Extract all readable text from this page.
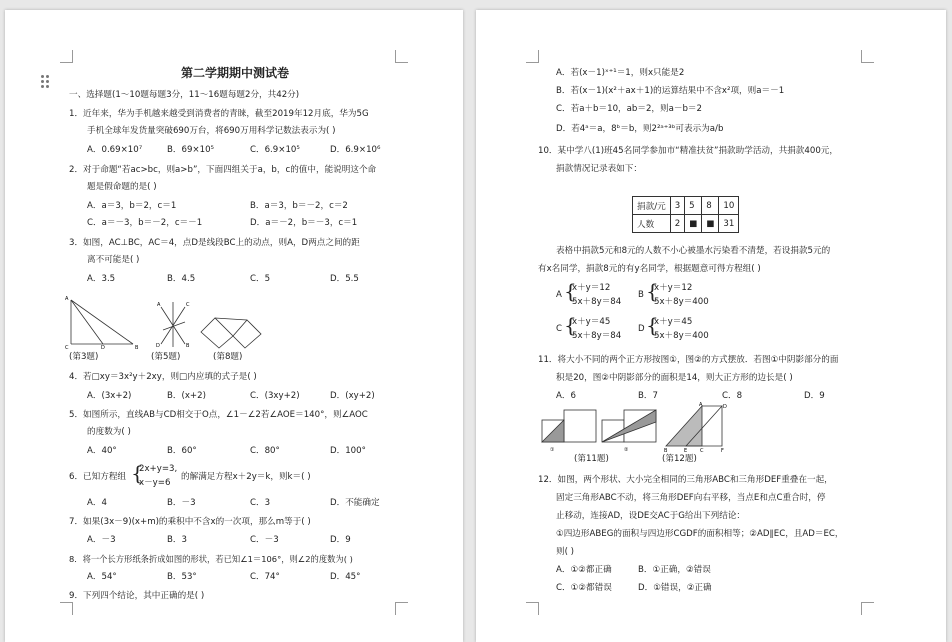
第二学期期中测试卷
一、选择题(1～10题每题3分，11～16题每题2分，共42分)
1．近年来，华为手机越来越受到消费者的青睐，截至2019年12月底，华为5G
手机全球年发货量突破690万台，将690万用科学记数法表示为( )
A．0.69×10⁷	B．69×10⁵	C．6.9×10⁵	D．6.9×10⁶
2．对于命题“若ac>bc，则a>b”，下面四组关于a，b，c的值中，能说明这个命
题是假命题的是( )
A．a＝3，b＝2，c＝1	B．a＝3，b＝－2，c＝2
C．a＝－3，b＝－2，c＝－1	D．a＝－2，b＝－3，c＝1
3．如图，AC⊥BC，AC＝4，点D是线段BC上的动点，则A，D两点之间的距
离不可能是( )
A．3.5	B．4.5	C．5	D．5.5
A
C	D	B
A	C
B
D
(第3题)	(第5题)	(第8题)
4．若□xy＝3x²y＋2xy，则□内应填的式子是( )
A．(3x+2)	B．(x+2)	C．(3xy+2)	D．(xy+2)
5．如图所示，直线AB与CD相交于O点，∠1－∠2若∠AOE＝140°，则∠AOC
的度数为( )
A．40°	B．60°	C．80°	D．100°
6．已知方程组 {
2x+y=3,
x－y=6
的解满足方程x＋2y＝k，则k＝( )
A．4	B．－3	C．3	D．不能确定
7．如果(3x－9)(x+m)的乘积中不含x的一次项，那么m等于( )
A．－3	B．3	C．－3	D．9
8．将一个长方形纸条折成如图的形状，若已知∠1＝106°，则∠2的度数为( )
A．54°	B．53°	C．74°	D．45°
9．下列四个结论，其中正确的是( )
A．若(x－1)ˣ⁺¹＝1，则x只能是2
B．若(x－1)(x²＋ax＋1)的运算结果中不含x²项，则a＝－1
C．若a＋b＝10，ab＝2，则a－b＝2
D．若4ᵃ＝a，8ᵇ＝b，则2²ᵃ⁺³ᵇ可表示为a/b
10．某中学八(1)班45名同学参加市“精准扶贫”捐款助学活动，共捐款400元，
捐款情况记录表如下：
捐款/元	3	5	8	10
人数	2	■	■	31
表格中捐款5元和8元的人数不小心被墨水污染看不清楚，若设捐款5元的
有x名同学，捐款8元的有y名同学，根据题意可得方程组( )
A {
x＋y＝12
5x＋8y＝84
B {
x＋y＝12
5x＋8y＝400
C {
x＋y＝45
5x＋8y＝84
D {
x＋y＝45
5x＋8y＝400
11．将大小不同的两个正方形按图①，图②的方式摆放．若图①中阴影部分的面
积是20，图②中阴影部分的面积是14，则大正方形的边长是( )
A．6	B．7	C．8	D．9
①	②	B	E	C	F
A	D
(第11题)	(第12题)
12．如图，两个形状、大小完全相同的三角形ABC和三角形DEF重叠在一起，
固定三角形ABC不动，将三角形DEF向右平移，当点E和点C重合时，停
止移动，连接AD，设DE交AC于G给出下列结论：
①四边形ABEG的面积与四边形CGDF的面积相等；②AD∥EC，且AD＝EC，
则( )
A．①②都正确	B．①正确，②错误
C．①②都错误	D．①错误，②正确
